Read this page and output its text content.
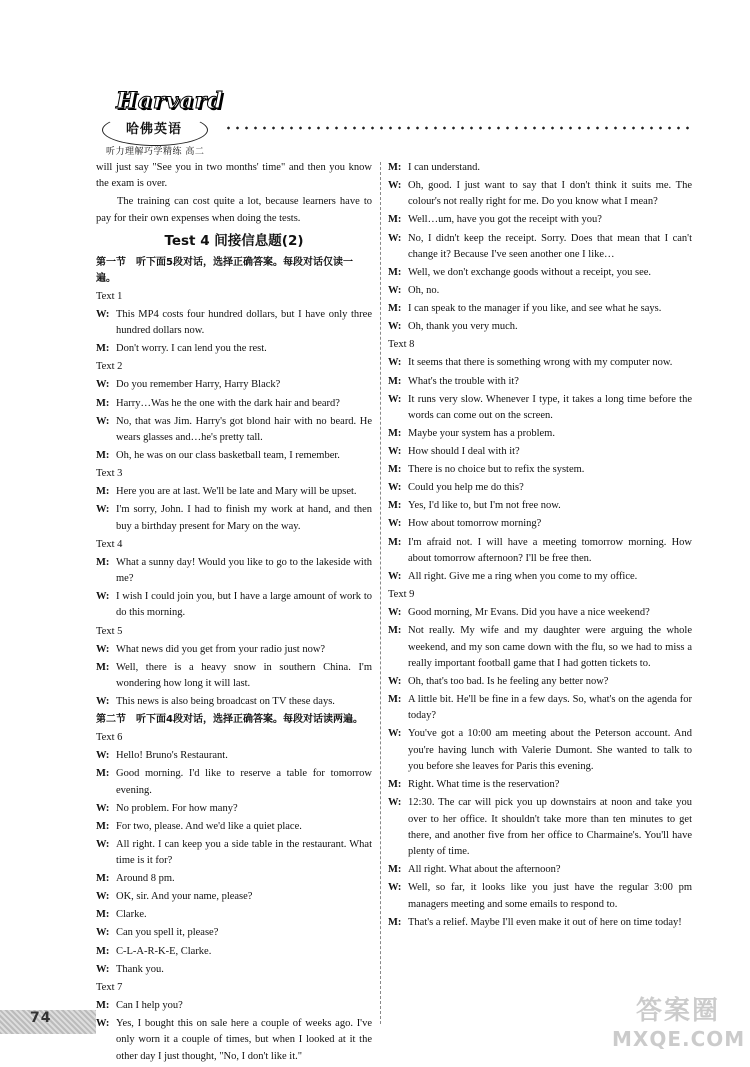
Harvard
哈佛英语
听力理解巧学精练 高二
will just say "See you in two months' time" and then you know the exam is over.
The training can cost quite a lot, because learners have to pay for their own expenses when doing the tests.
Test 4 间接信息题(2)
第一节　听下面5段对话，选择正确答案。每段对话仅读一遍。
Text 1
W: This MP4 costs four hundred dollars, but I have only three hundred dollars now.
M: Don't worry. I can lend you the rest.
Text 2
W: Do you remember Harry, Harry Black?
M: Harry…Was he the one with the dark hair and beard?
W: No, that was Jim. Harry's got blond hair with no beard. He wears glasses and…he's pretty tall.
M: Oh, he was on our class basketball team, I remember.
Text 3
M: Here you are at last. We'll be late and Mary will be upset.
W: I'm sorry, John. I had to finish my work at hand, and then buy a birthday present for Mary on the way.
Text 4
M: What a sunny day! Would you like to go to the lakeside with me?
W: I wish I could join you, but I have a large amount of work to do this morning.
Text 5
W: What news did you get from your radio just now?
M: Well, there is a heavy snow in southern China. I'm wondering how long it will last.
W: This news is also being broadcast on TV these days.
第二节　听下面4段对话，选择正确答案。每段对话读两遍。
Text 6
W: Hello! Bruno's Restaurant.
M: Good morning. I'd like to reserve a table for tomorrow evening.
W: No problem. For how many?
M: For two, please. And we'd like a quiet place.
W: All right. I can keep you a side table in the restaurant. What time is it for?
M: Around 8 pm.
W: OK, sir. And your name, please?
M: Clarke.
W: Can you spell it, please?
M: C-L-A-R-K-E, Clarke.
W: Thank you.
Text 7
M: Can I help you?
W: Yes, I bought this on sale here a couple of weeks ago. I've only worn it a couple of times, but when I looked at it the other day I just thought, "No, I don't like it."
M: I can understand.
W: Oh, good. I just want to say that I don't think it suits me. The colour's not really right for me. Do you know what I mean?
M: Well…um, have you got the receipt with you?
W: No, I didn't keep the receipt. Sorry. Does that mean that I can't change it? Because I've seen another one I like…
M: Well, we don't exchange goods without a receipt, you see.
W: Oh, no.
M: I can speak to the manager if you like, and see what he says.
W: Oh, thank you very much.
Text 8
W: It seems that there is something wrong with my computer now.
M: What's the trouble with it?
W: It runs very slow. Whenever I type, it takes a long time before the words can come out on the screen.
M: Maybe your system has a problem.
W: How should I deal with it?
M: There is no choice but to refix the system.
W: Could you help me do this?
M: Yes, I'd like to, but I'm not free now.
W: How about tomorrow morning?
M: I'm afraid not. I will have a meeting tomorrow morning. How about tomorrow afternoon? I'll be free then.
W: All right. Give me a ring when you come to my office.
Text 9
W: Good morning, Mr Evans. Did you have a nice weekend?
M: Not really. My wife and my daughter were arguing the whole weekend, and my son came down with the flu, so we had to miss a really important football game that I had gotten tickets to.
W: Oh, that's too bad. Is he feeling any better now?
M: A little bit. He'll be fine in a few days. So, what's on the agenda for today?
W: You've got a 10:00 am meeting about the Peterson account. And you're having lunch with Valerie Dumont. She wanted to talk to you before she leaves for Paris this evening.
M: Right. What time is the reservation?
W: 12:30. The car will pick you up downstairs at noon and take you over to her office. It shouldn't take more than ten minutes to get there, and another five from her office to Charmaine's. You'll have plenty of time.
M: All right. What about the afternoon?
W: Well, so far, it looks like you just have the regular 3:00 pm managers meeting and some emails to respond to.
M: That's a relief. Maybe I'll even make it out of here on time today!
74	答案圈
MXQE.COM
